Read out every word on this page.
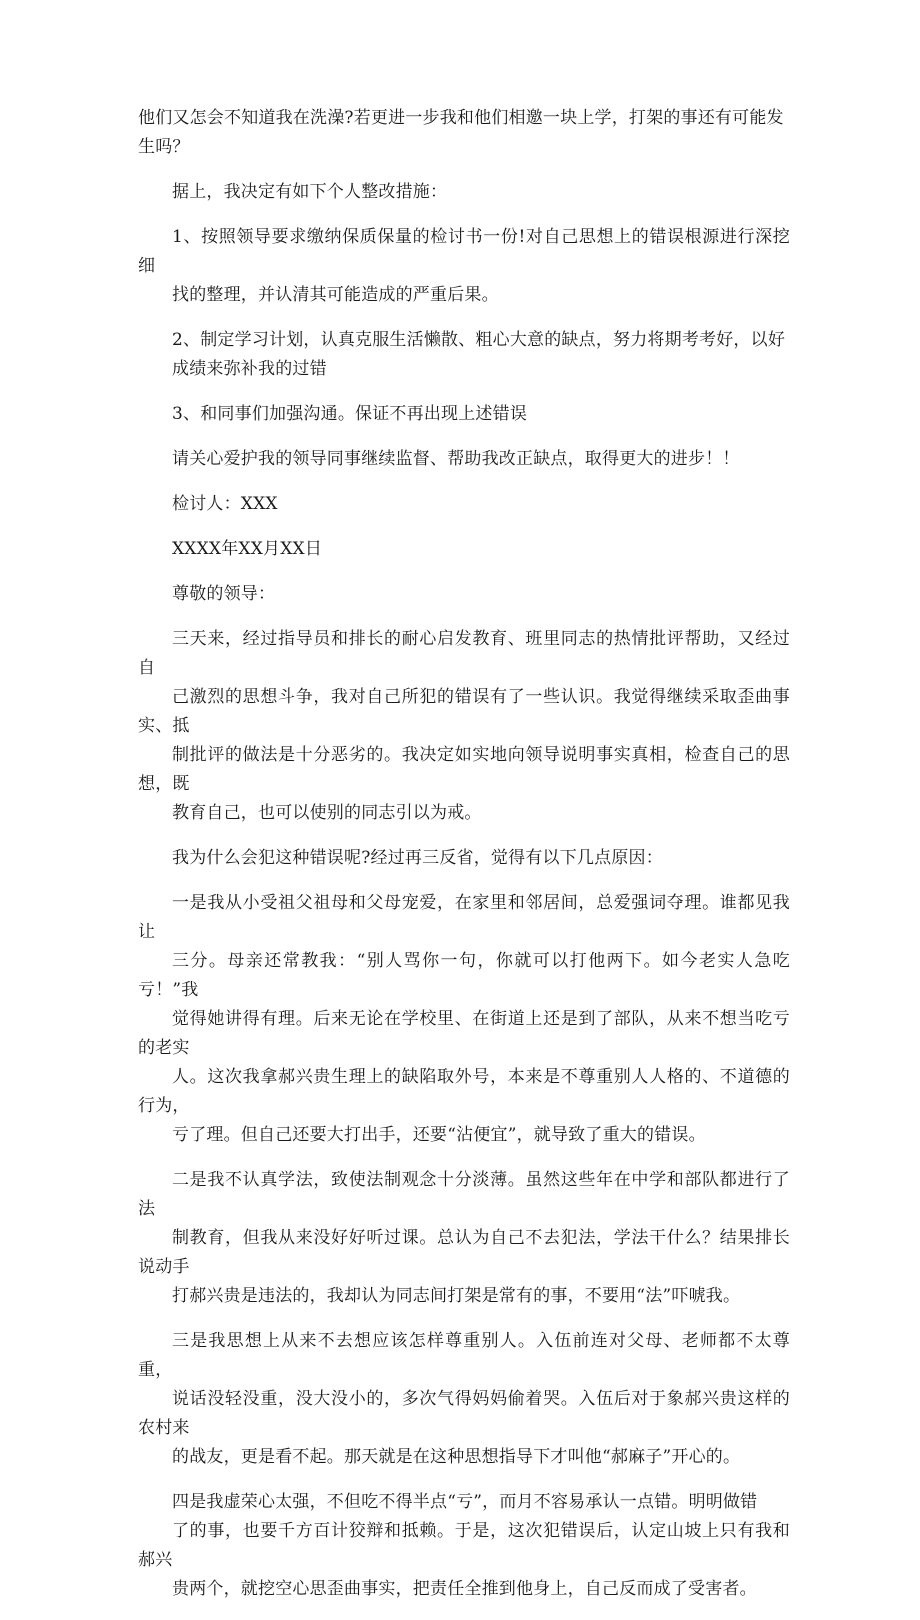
他们又怎会不知道我在洗澡?若更进一步我和他们相邀一块上学，打架的事还有可能发
生吗？

据上，我决定有如下个人整改措施：

1、按照领导要求缴纳保质保量的检讨书一份!对自己思想上的错误根源进行深挖细
找的整理，并认清其可能造成的严重后果。

2、制定学习计划，认真克服生活懒散、粗心大意的缺点，努力将期考考好，以好
成绩来弥补我的过错

3、和同事们加强沟通。保证不再出现上述错误

请关心爱护我的领导同事继续监督、帮助我改正缺点，取得更大的进步！！

检讨人：XXX

XXXX年XX月XX日

尊敬的领导：

三天来，经过指导员和排长的耐心启发教育、班里同志的热情批评帮助，又经过自
己激烈的思想斗争，我对自己所犯的错误有了一些认识。我觉得继续采取歪曲事实、抵
制批评的做法是十分恶劣的。我决定如实地向领导说明事实真相，检查自己的思想，既
教育自己，也可以使别的同志引以为戒。

我为什么会犯这种错误呢?经过再三反省，觉得有以下几点原因：

一是我从小受祖父祖母和父母宠爱，在家里和邻居间，总爱强词夺理。谁都见我让
三分。母亲还常教我：“别人骂你一句，你就可以打他两下。如今老实人急吃亏！”我
觉得她讲得有理。后来无论在学校里、在街道上还是到了部队，从来不想当吃亏的老实
人。这次我拿郝兴贵生理上的缺陷取外号，本来是不尊重别人人格的、不道德的行为，
亏了理。但自己还要大打出手，还要“沾便宜”，就导致了重大的错误。

二是我不认真学法，致使法制观念十分淡薄。虽然这些年在中学和部队都进行了法
制教育，但我从来没好好听过课。总认为自己不去犯法，学法干什么？结果排长说动手
打郝兴贵是违法的，我却认为同志间打架是常有的事，不要用“法”吓唬我。

三是我思想上从来不去想应该怎样尊重别人。入伍前连对父母、老师都不太尊重，
说话没轻没重，没大没小的，多次气得妈妈偷着哭。入伍后对于象郝兴贵这样的农村来
的战友，更是看不起。那天就是在这种思想指导下才叫他“郝麻子”开心的。

四是我虚荣心太强，不但吃不得半点“亏”，而月不容易承认一点错。明明做错
了的事，也要千方百计狡辩和抵赖。于是，这次犯错误后，认定山坡上只有我和郝兴
贵两个，就挖空心思歪曲事实，把责任全推到他身上，自己反而成了受害者。
